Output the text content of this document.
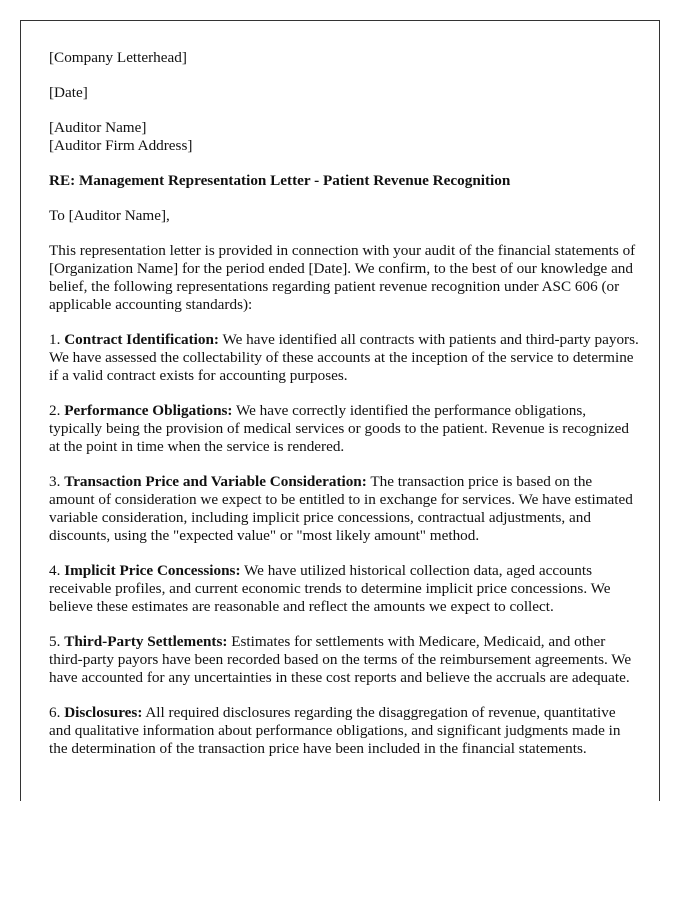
[Company Letterhead]

[Date]

[Auditor Name]
[Auditor Firm Address]

RE: Management Representation Letter - Patient Revenue Recognition

To [Auditor Name],

This representation letter is provided in connection with your audit of the financial statements of [Organization Name] for the period ended [Date]. We confirm, to the best of our knowledge and belief, the following representations regarding patient revenue recognition under ASC 606 (or applicable accounting standards):

1. Contract Identification: We have identified all contracts with patients and third-party payors. We have assessed the collectability of these accounts at the inception of the service to determine if a valid contract exists for accounting purposes.

2. Performance Obligations: We have correctly identified the performance obligations, typically being the provision of medical services or goods to the patient. Revenue is recognized at the point in time when the service is rendered.

3. Transaction Price and Variable Consideration: The transaction price is based on the amount of consideration we expect to be entitled to in exchange for services. We have estimated variable consideration, including implicit price concessions, contractual adjustments, and discounts, using the "expected value" or "most likely amount" method.

4. Implicit Price Concessions: We have utilized historical collection data, aged accounts receivable profiles, and current economic trends to determine implicit price concessions. We believe these estimates are reasonable and reflect the amounts we expect to collect.

5. Third-Party Settlements: Estimates for settlements with Medicare, Medicaid, and other third-party payors have been recorded based on the terms of the reimbursement agreements. We have accounted for any uncertainties in these cost reports and believe the accruals are adequate.

6. Disclosures: All required disclosures regarding the disaggregation of revenue, quantitative and qualitative information about performance obligations, and significant judgments made in the determination of the transaction price have been included in the financial statements.
